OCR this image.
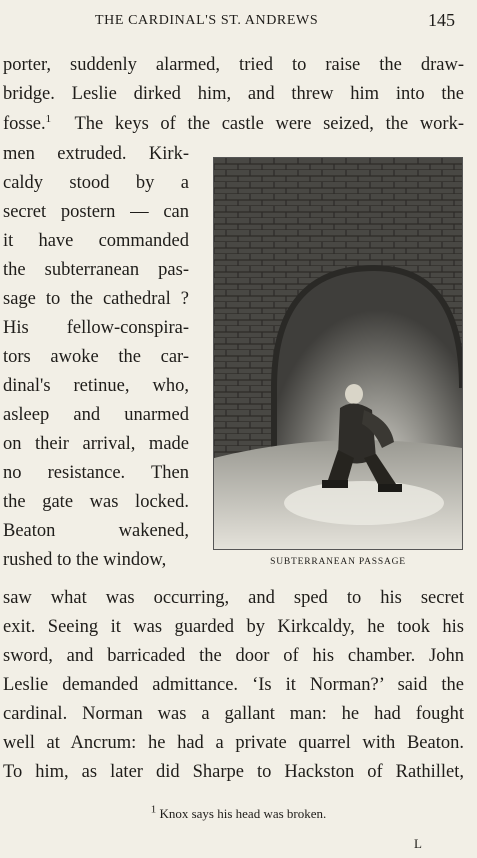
THE CARDINAL'S ST. ANDREWS	145
porter, suddenly alarmed, tried to raise the draw-
bridge. Leslie dirked him, and threw him into the
fosse.$^1$ The keys of the castle were seized, the work-
men extruded. Kirk-
caldy stood by a
secret postern — can
it have commanded
the subterranean pas-
sage to the cathedral ?
His fellow-conspira-
tors awoke the car-
dinal's retinue, who,
asleep and unarmed
on their arrival, made
no resistance. Then
the gate was locked.
Beaton wakened,
rushed to the window,
saw what was occurring, and sped to his secret
exit. Seeing it was guarded by Kirkcaldy, he took his
sword, and barricaded the door of his chamber. John
Leslie demanded admittance. ‘Is it Norman?’ said the
cardinal. Norman was a gallant man: he had fought
well at Ancrum: he had a private quarrel with Beaton.
To him, as later did Sharpe to Hackston of Rathillet,
SUBTERRANEAN PASSAGE
$^1$ Knox says his head was broken.
L
